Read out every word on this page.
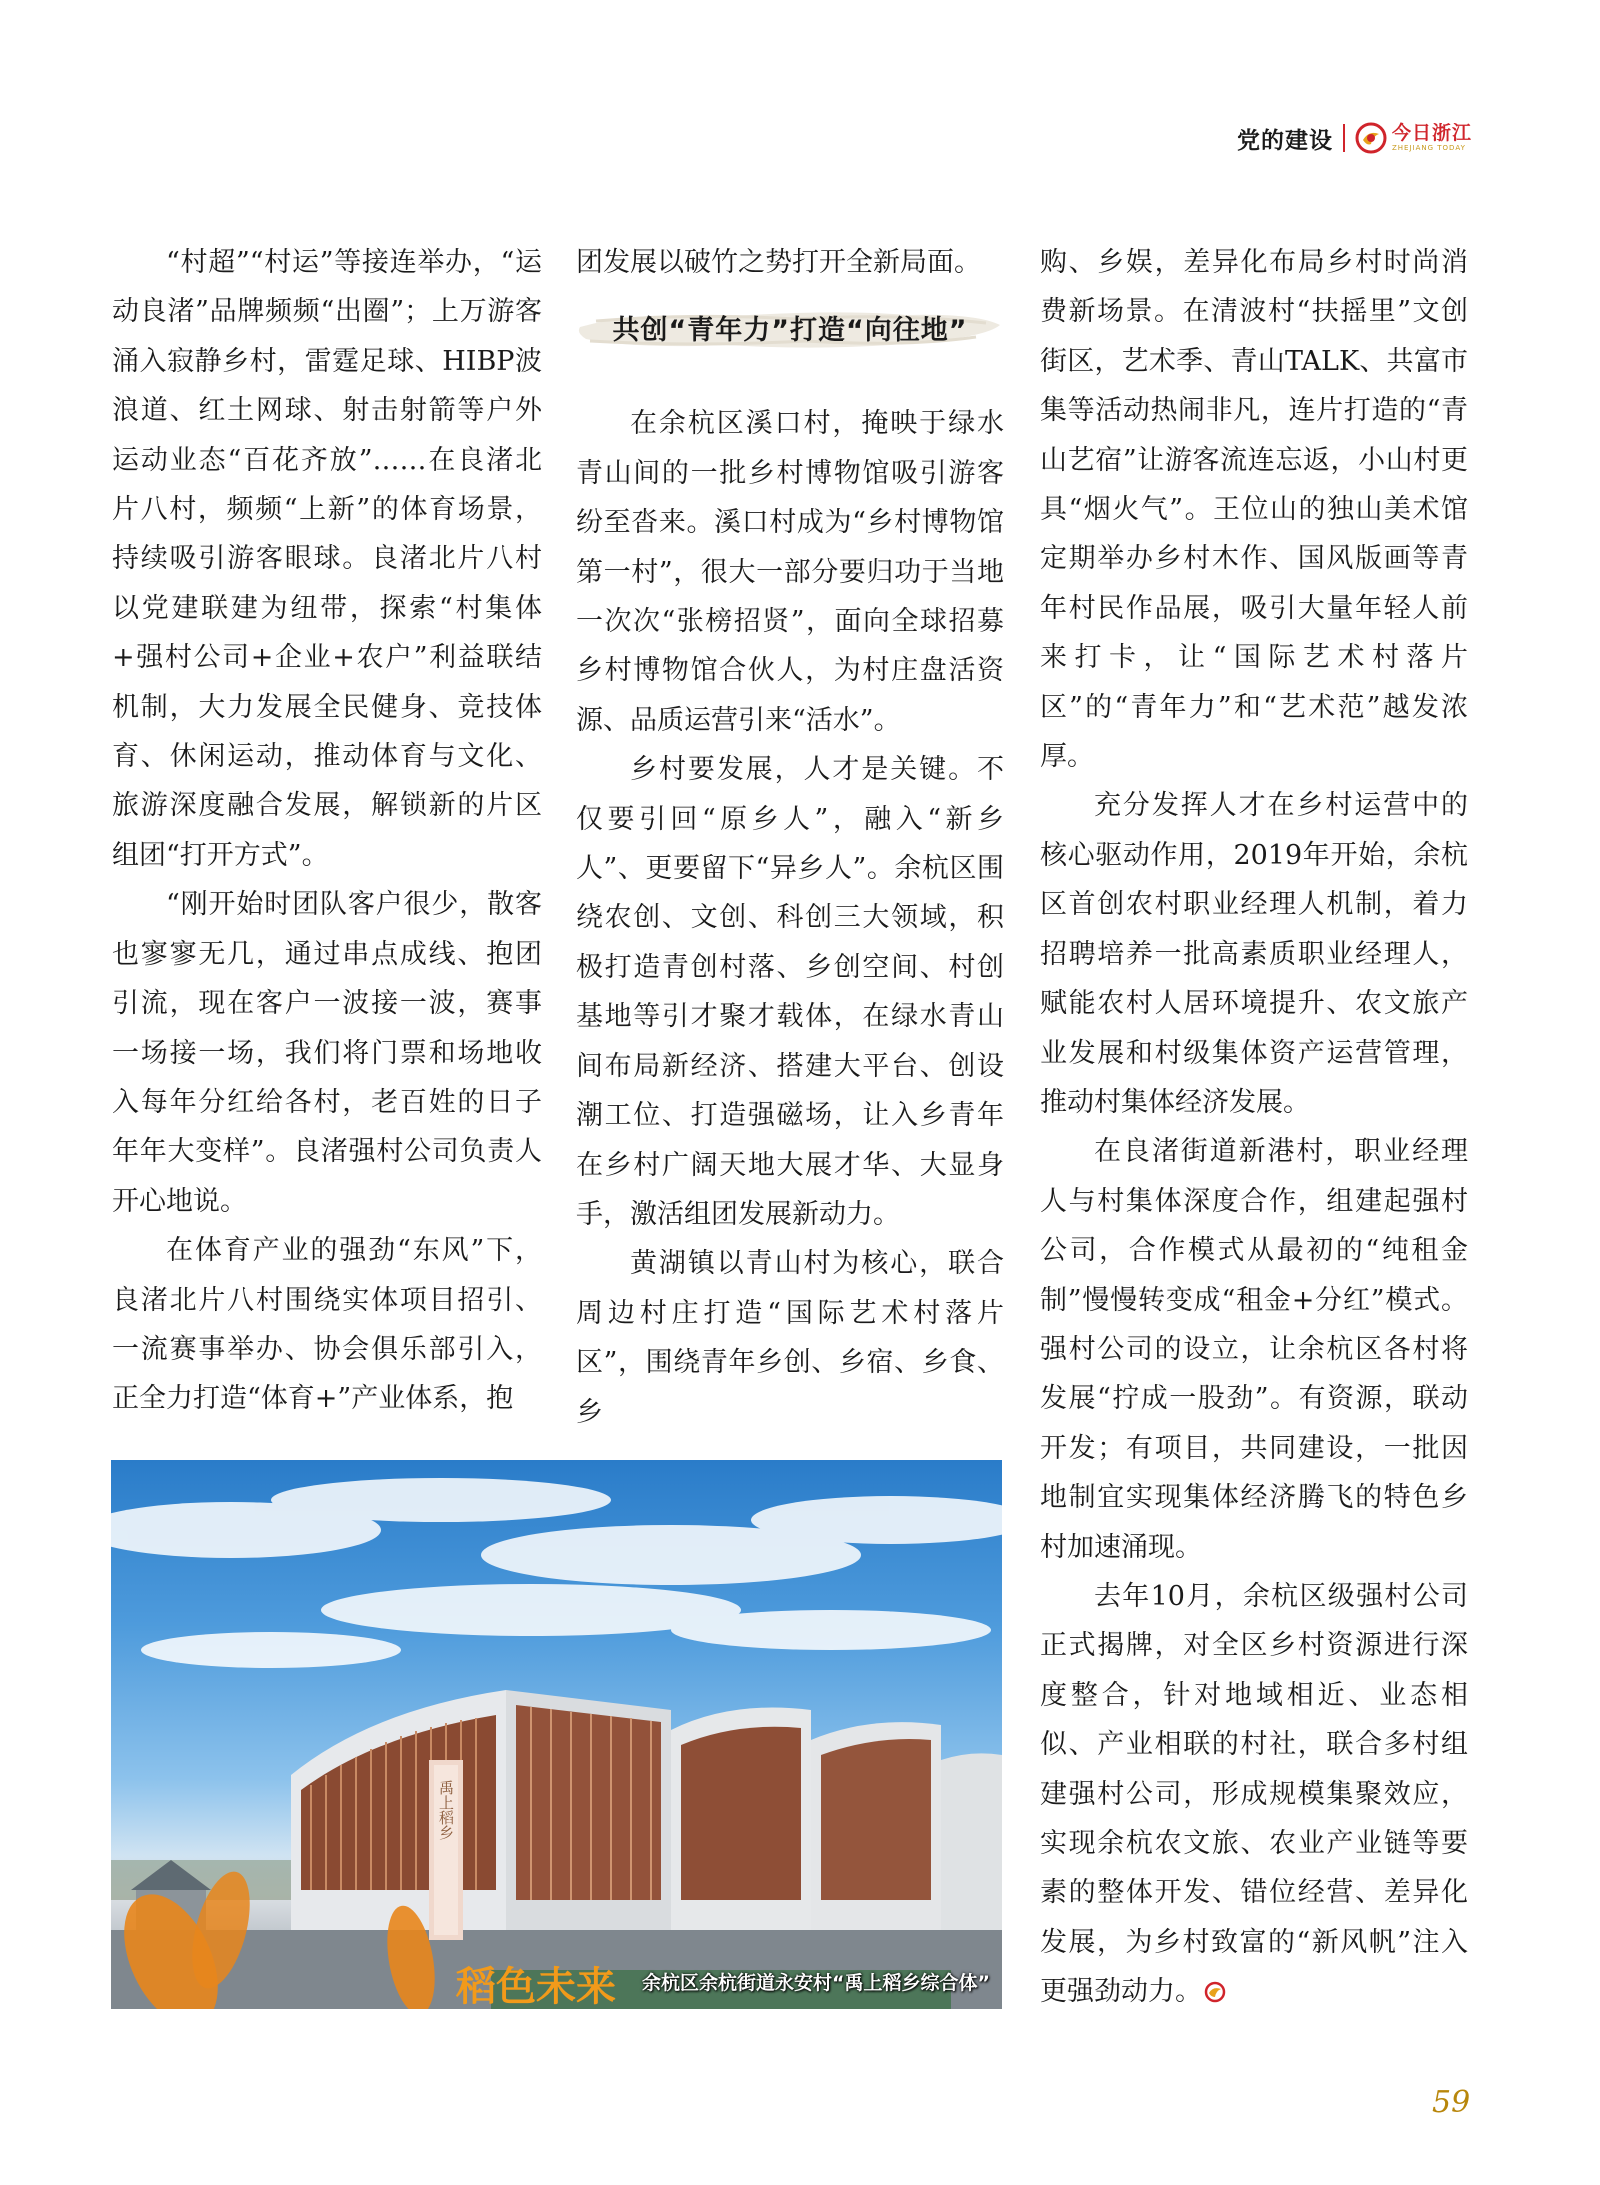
党的建设	今日浙江
ZHEJIANG TODAY

“村超”“村运”等接连举办，“运动良渚”品牌频频“出圈”；上万游客涌入寂静乡村，雷霆足球、HIBP波浪道、红土网球、射击射箭等户外运动业态“百花齐放”……在良渚北片八村，频频“上新”的体育场景，持续吸引游客眼球。良渚北片八村以党建联建为纽带，探索“村集体+强村公司+企业+农户”利益联结机制，大力发展全民健身、竞技体育、休闲运动，推动体育与文化、旅游深度融合发展，解锁新的片区组团“打开方式”。

“刚开始时团队客户很少，散客也寥寥无几，通过串点成线、抱团引流，现在客户一波接一波，赛事一场接一场，我们将门票和场地收入每年分红给各村，老百姓的日子年年大变样”。良渚强村公司负责人开心地说。

在体育产业的强劲“东风”下，良渚北片八村围绕实体项目招引、一流赛事举办、协会俱乐部引入，正全力打造“体育+”产业体系，抱

团发展以破竹之势打开全新局面。

共创“青年力”打造“向往地”

在余杭区溪口村，掩映于绿水青山间的一批乡村博物馆吸引游客纷至沓来。溪口村成为“乡村博物馆第一村”，很大一部分要归功于当地一次次“张榜招贤”，面向全球招募乡村博物馆合伙人，为村庄盘活资源、品质运营引来“活水”。

乡村要发展，人才是关键。不仅要引回“原乡人”，融入“新乡人”、更要留下“异乡人”。余杭区围绕农创、文创、科创三大领域，积极打造青创村落、乡创空间、村创基地等引才聚才载体，在绿水青山间布局新经济、搭建大平台、创设潮工位、打造强磁场，让入乡青年在乡村广阔天地大展才华、大显身手，激活组团发展新动力。

黄湖镇以青山村为核心，联合周边村庄打造“国际艺术村落片区”，围绕青年乡创、乡宿、乡食、乡

购、乡娱，差异化布局乡村时尚消费新场景。在清波村“扶摇里”文创街区，艺术季、青山TALK、共富市集等活动热闹非凡，连片打造的“青山艺宿”让游客流连忘返，小山村更具“烟火气”。王位山的独山美术馆定期举办乡村木作、国风版画等青年村民作品展，吸引大量年轻人前来打卡，让“国际艺术村落片区”的“青年力”和“艺术范”越发浓厚。

充分发挥人才在乡村运营中的核心驱动作用，2019年开始，余杭区首创农村职业经理人机制，着力招聘培养一批高素质职业经理人，赋能农村人居环境提升、农文旅产业发展和村级集体资产运营管理，推动村集体经济发展。

在良渚街道新港村，职业经理人与村集体深度合作，组建起强村公司，合作模式从最初的“纯租金制”慢慢转变成“租金+分红”模式。强村公司的设立，让余杭区各村将发展“拧成一股劲”。有资源，联动开发；有项目，共同建设，一批因地制宜实现集体经济腾飞的特色乡村加速涌现。

去年10月，余杭区级强村公司正式揭牌，对全区乡村资源进行深度整合，针对地域相近、业态相似、产业相联的村社，联合多村组建强村公司，形成规模集聚效应，实现余杭农文旅、农业产业链等要素的整体开发、错位经营、差异化发展，为乡村致富的“新风帆”注入更强劲动力。

禹上稻乡
稻色未来 余杭区余杭街道永安村“禹上稻乡综合体”
59
